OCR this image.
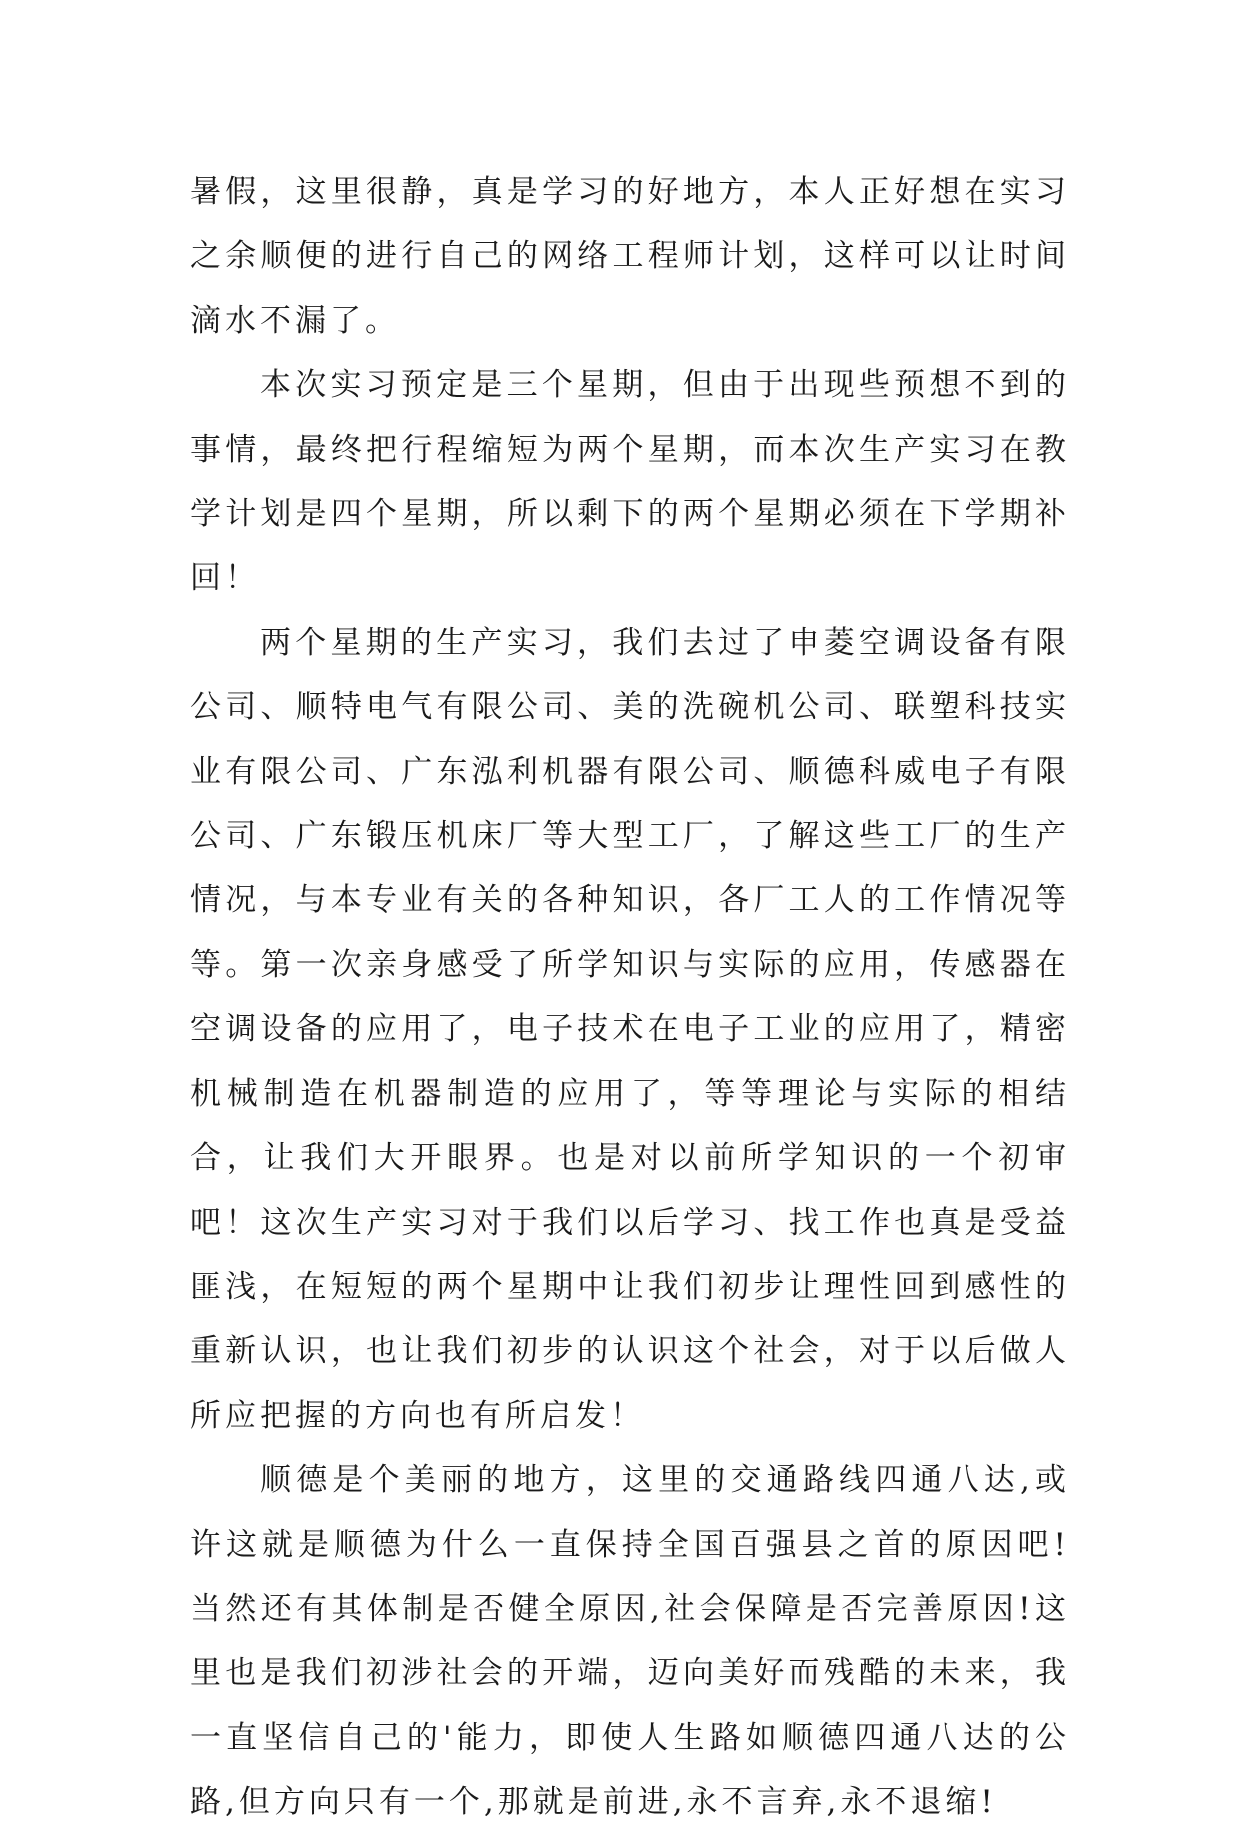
暑假，这里很静，真是学习的好地方，本人正好想在实习之余顺便的进行自己的网络工程师计划，这样可以让时间滴水不漏了。

本次实习预定是三个星期，但由于出现些预想不到的事情，最终把行程缩短为两个星期，而本次生产实习在教学计划是四个星期，所以剩下的两个星期必须在下学期补回！

两个星期的生产实习，我们去过了申菱空调设备有限公司、顺特电气有限公司、美的洗碗机公司、联塑科技实业有限公司、广东泓利机器有限公司、顺德科威电子有限公司、广东锻压机床厂等大型工厂，了解这些工厂的生产情况，与本专业有关的各种知识，各厂工人的工作情况等等。第一次亲身感受了所学知识与实际的应用，传感器在空调设备的应用了，电子技术在电子工业的应用了，精密机械制造在机器制造的应用了，等等理论与实际的相结合，让我们大开眼界。也是对以前所学知识的一个初审吧！这次生产实习对于我们以后学习、找工作也真是受益匪浅，在短短的两个星期中让我们初步让理性回到感性的重新认识，也让我们初步的认识这个社会，对于以后做人所应把握的方向也有所启发！

顺德是个美丽的地方，这里的交通路线四通八达,或许这就是顺德为什么一直保持全国百强县之首的原因吧!当然还有其体制是否健全原因,社会保障是否完善原因!这里也是我们初涉社会的开端，迈向美好而残酷的未来，我一直坚信自己的'能力，即使人生路如顺德四通八达的公路,但方向只有一个,那就是前进,永不言弃,永不退缩!
